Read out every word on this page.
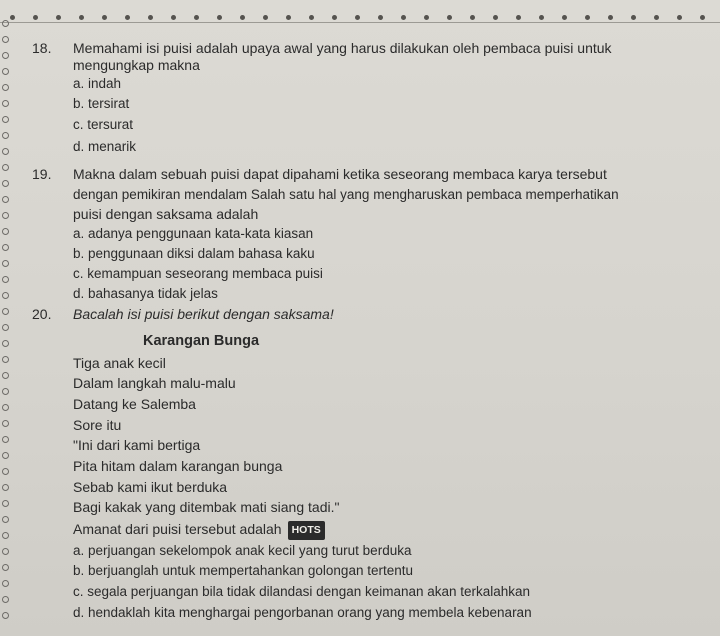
18. Memahami isi puisi adalah upaya awal yang harus dilakukan oleh pembaca puisi untuk
mengungkap makna
a. indah
b. tersirat
c. tersurat
d. menarik
19. Makna dalam sebuah puisi dapat dipahami ketika seseorang membaca karya tersebut
dengan pemikiran mendalam Salah satu hal yang mengharuskan pembaca memperhatikan
puisi dengan saksama adalah
a. adanya penggunaan kata-kata kiasan
b. penggunaan diksi dalam bahasa kaku
c. kemampuan seseorang membaca puisi
d. bahasanya tidak jelas
20. Bacalah isi puisi berikut dengan saksama!
Karangan Bunga
Tiga anak kecil
Dalam langkah malu-malu
Datang ke Salemba
Sore itu
"Ini dari kami bertiga
Pita hitam dalam karangan bunga
Sebab kami ikut berduka
Bagi kakak yang ditembak mati siang tadi."
Amanat dari puisi tersebut adalah HOTS
a. perjuangan sekelompok anak kecil yang turut berduka
b. berjuanglah untuk mempertahankan golongan tertentu
c. segala perjuangan bila tidak dilandasi dengan keimanan akan terkalahkan
d. hendaklah kita menghargai pengorbanan orang yang membela kebenaran
